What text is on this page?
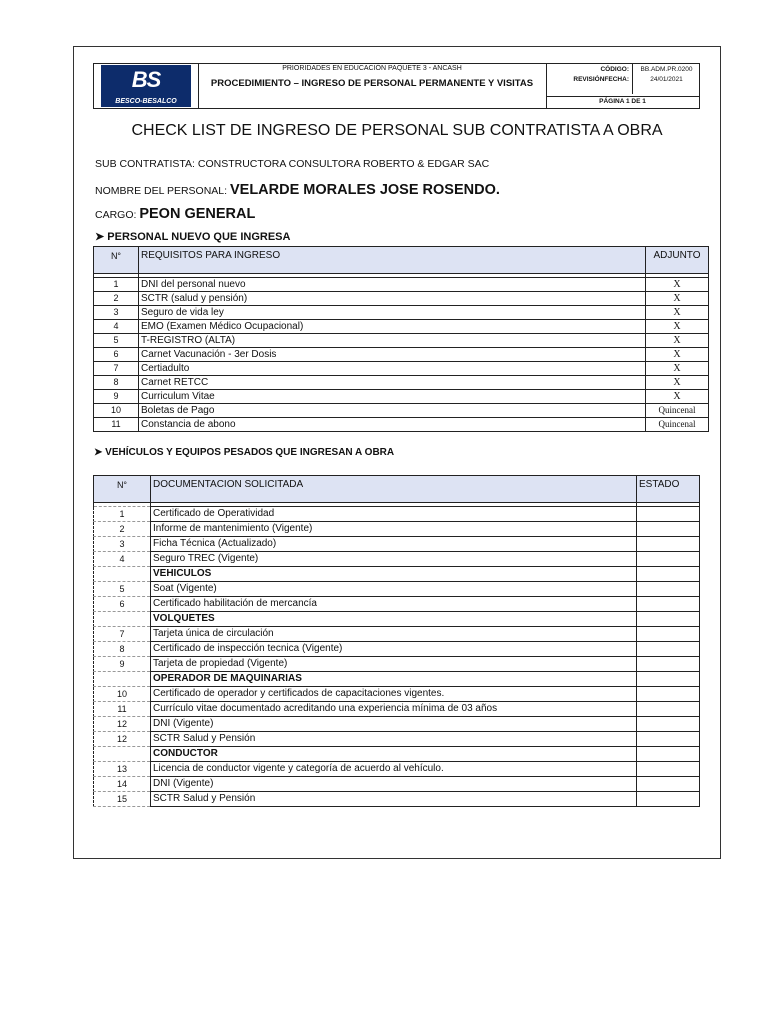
BS
BESCO-BESALCO
PRIORIDADES EN EDUCACIÓN PAQUETE 3 - ANCASH
PROCEDIMIENTO – INGRESO DE PERSONAL PERMANENTE Y VISITAS
CÓDIGO:	BB.ADM.PR.0200
REVISIÓNFECHA:	24/01/2021
PÁGINA 1 DE 1
CHECK LIST DE INGRESO DE PERSONAL SUB CONTRATISTA A OBRA
SUB CONTRATISTA: CONSTRUCTORA CONSULTORA ROBERTO & EDGAR SAC
NOMBRE DEL PERSONAL: VELARDE MORALES JOSE ROSENDO.
CARGO: PEON GENERAL
➤ PERSONAL NUEVO QUE INGRESA
N°	REQUISITOS PARA INGRESO	ADJUNTO

1	DNI del personal nuevo	X
2	SCTR (salud y pensión)	X
3	Seguro de vida ley	X
4	EMO (Examen Médico Ocupacional)	X
5	T-REGISTRO (ALTA)	X
6	Carnet Vacunación - 3er Dosis	X
7	Certiadulto	X
8	Carnet RETCC	X
9	Curriculum Vitae	X
10	Boletas de Pago	Quincenal
11	Constancia de abono	Quincenal
➤ VEHÍCULOS Y EQUIPOS PESADOS QUE INGRESAN A OBRA
N°	DOCUMENTACION SOLICITADA	ESTADO

1	Certificado de Operatividad	
2	Informe de mantenimiento (Vigente)	
3	Ficha Técnica (Actualizado)	
4	Seguro TREC (Vigente)	
	VEHICULOS	
5	Soat (Vigente)	
6	Certificado habilitación de mercancía	
	VOLQUETES	
7	Tarjeta única de circulación	
8	Certificado de inspección tecnica (Vigente)	
9	Tarjeta de propiedad (Vigente)	
	OPERADOR DE MAQUINARIAS	
10	Certificado de operador y certificados de capacitaciones vigentes.	
11	Currículo vitae documentado acreditando una experiencia mínima de 03 años	
12	DNI (Vigente)	
12	SCTR Salud y Pensión	
	CONDUCTOR	
13	Licencia de conductor vigente y categoría de acuerdo al vehículo.	
14	DNI (Vigente)	
15	SCTR Salud y Pensión	
